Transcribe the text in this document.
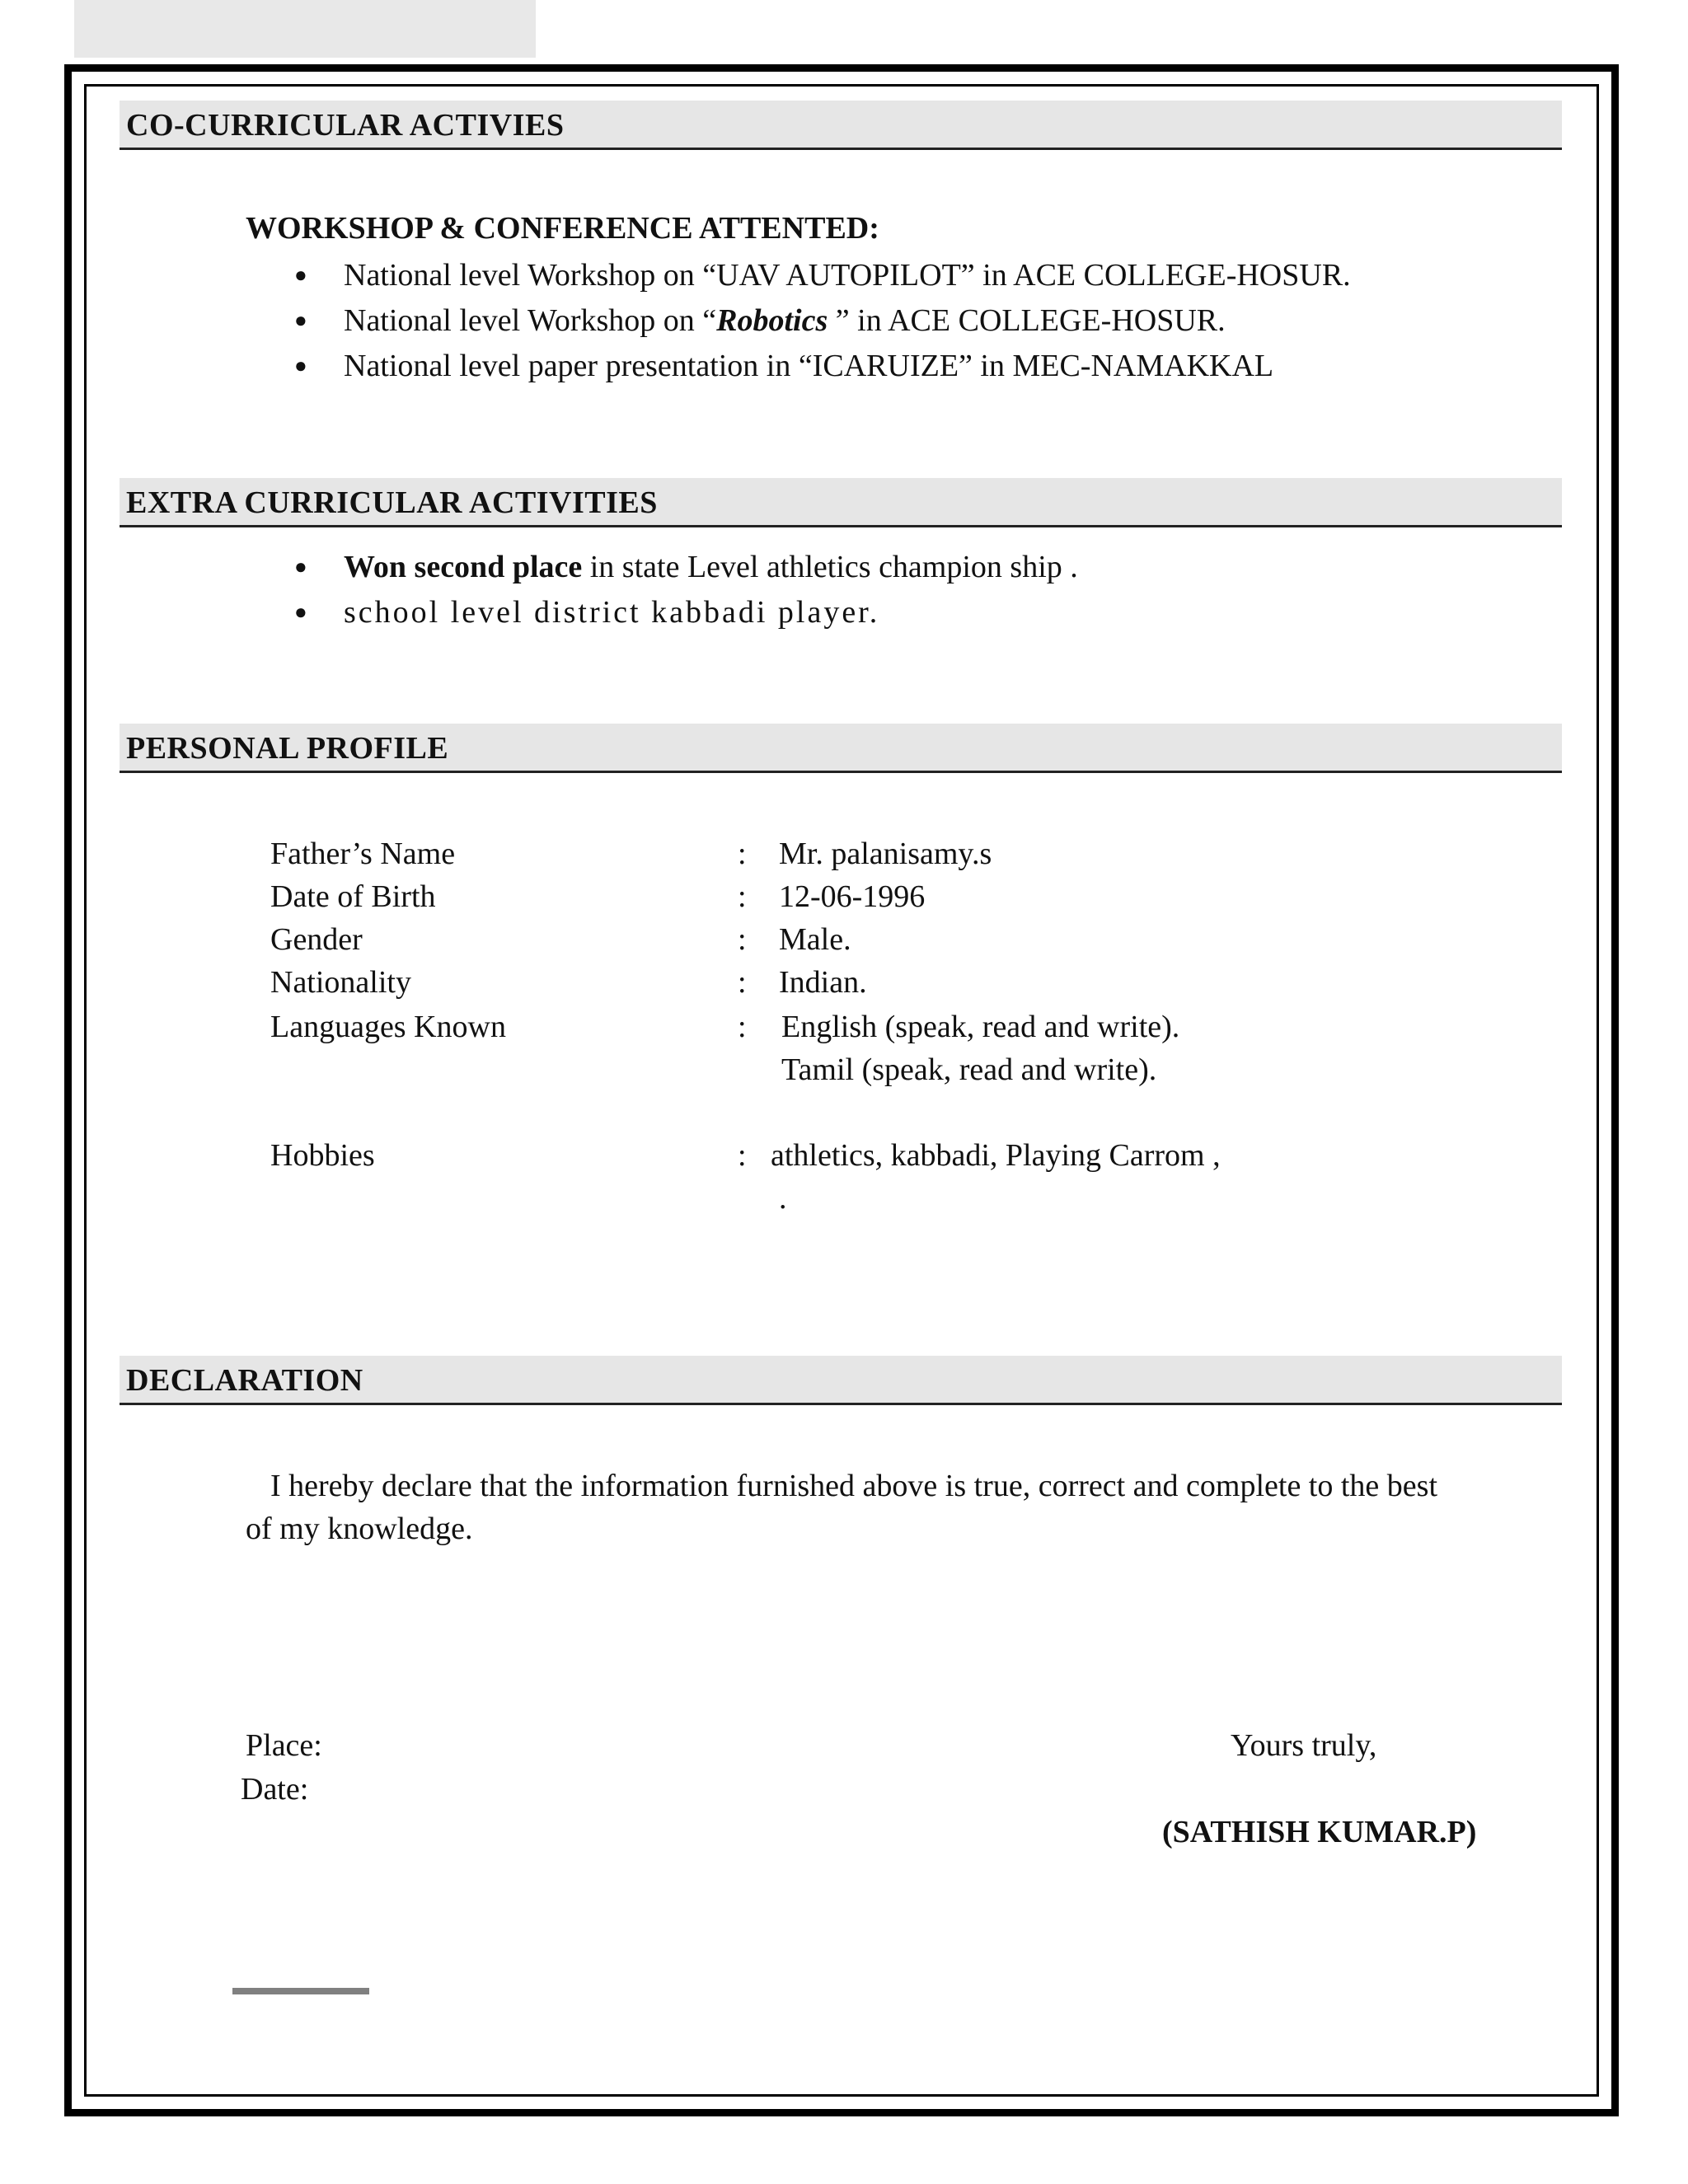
CO-CURRICULAR ACTIVIES
WORKSHOP & CONFERENCE ATTENTED:
● National level Workshop on “UAV AUTOPILOT” in ACE COLLEGE-HOSUR.
● National level Workshop on “Robotics ” in ACE COLLEGE-HOSUR.
● National level paper presentation in “ICARUIZE” in MEC-NAMAKKAL
EXTRA CURRICULAR ACTIVITIES
● Won second place in state Level athletics champion ship .
● school level district kabbadi player.
PERSONAL PROFILE
Father’s Name	: Mr. palanisamy.s
Date of Birth	: 12-06-1996
Gender	: Male.
Nationality	: Indian.
Languages Known	: English (speak, read and write).
Tamil (speak, read and write).
Hobbies	: athletics, kabbadi, Playing Carrom ,
.
DECLARATION
I hereby declare that the information furnished above is true, correct and complete to the best
of my knowledge.
Place:
Date:
Yours truly,
(SATHISH KUMAR.P)
